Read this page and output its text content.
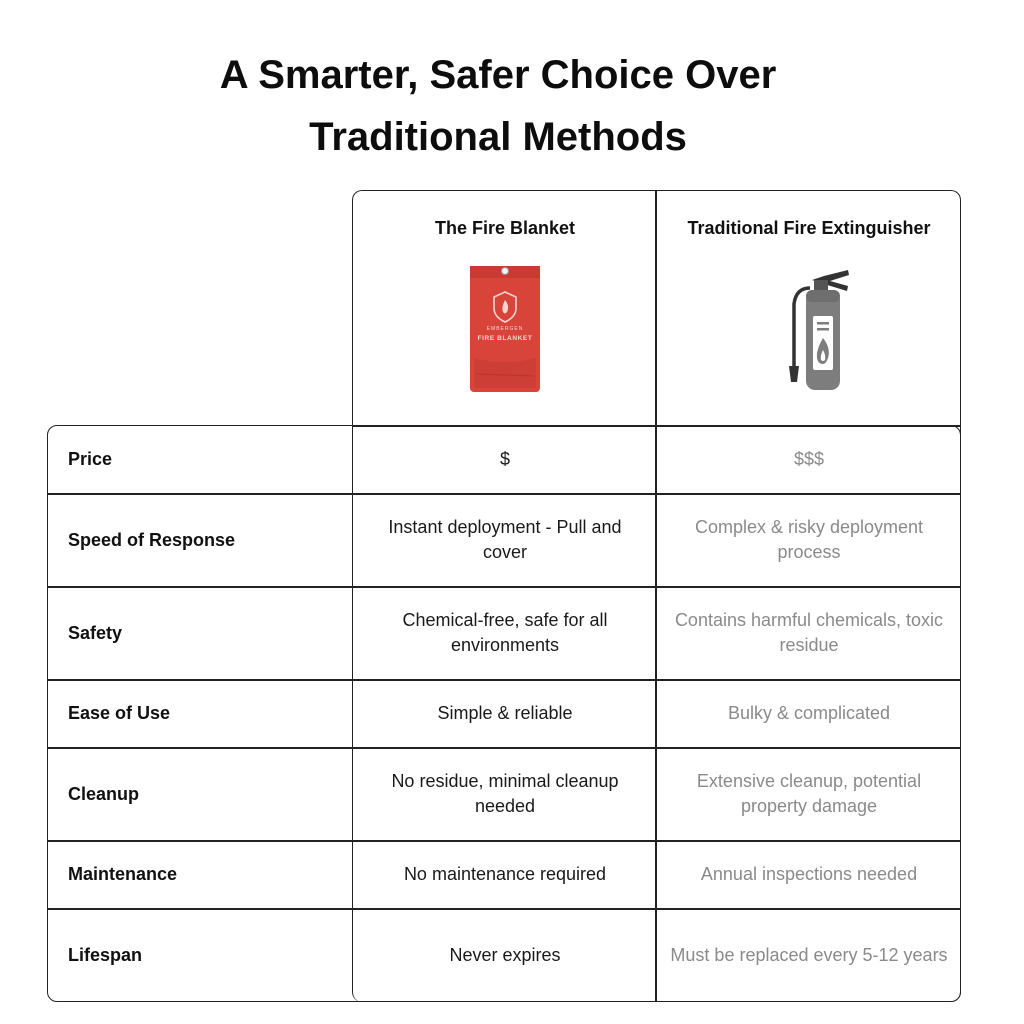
A Smarter, Safer Choice Over
Traditional Methods
The Fire Blanket	Traditional Fire Extinguisher
EMBERGEN
FIRE BLANKET
Price
Speed of Response
Safety
Ease of Use
Cleanup
Maintenance
Lifespan
$
Instant deployment - Pull and cover
Chemical-free, safe for all environments
Simple & reliable
No residue, minimal cleanup needed
No maintenance required
Never expires
$$$
Complex & risky deployment process
Contains harmful chemicals, toxic residue
Bulky & complicated
Extensive cleanup, potential property damage
Annual inspections needed
Must be replaced every 5-12 years
